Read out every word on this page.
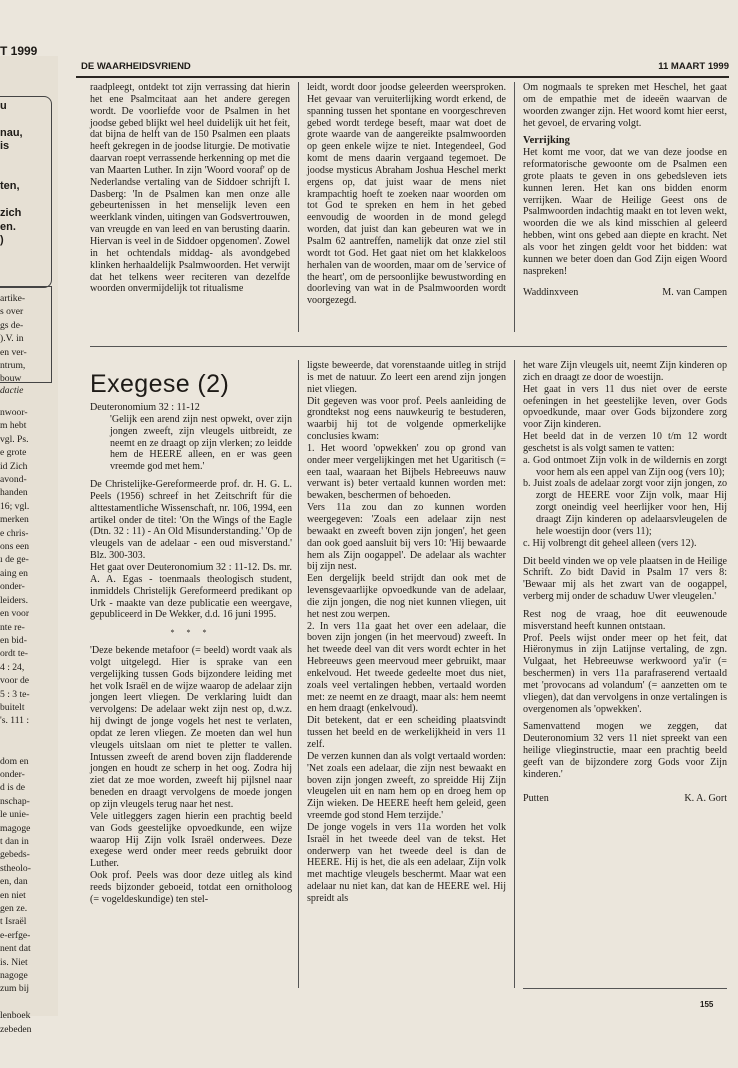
T 1999
u

nau,
is

ten,

zich
en.
)
artike-
s over
gs de-
).V. in
en ver-
ntrum,
bouw
dactie
nwoor-
m hebt
vgl. Ps.
e grote
id Zich
avond-
handen
16; vgl.
merken
e chris-
ons een
ı de ge-
aing en
onder-
leiders.
en voor
nte re-
en bid-
ordt te-
4 : 24,
voor de
5 : 3 te-
buitelt
's. 111 :

dom en
onder-
d is de
nschap-
le unie-
magoge
t dan in
gebeds-
stheolo-
en, dan
en niet
gen ze.
t Israël
e-erfge-
nent dat
is. Niet
nagoge
zum bij

lenboek
zebeden
DE WAARHEIDSVRIEND	11 MAART 1999

raadpleegt, ontdekt tot zijn verrassing dat hierin het ene Psalmcitaat aan het andere geregen wordt. De voorliefde voor de Psalmen in het joodse gebed blijkt wel heel duidelijk uit het feit, dat bijna de helft van de 150 Psalmen een plaats heeft gekregen in de joodse liturgie. De motivatie daarvan roept verrassende herkenning op met die van Maarten Luther. In zijn 'Woord vooraf' op de Nederlandse vertaling van de Siddoer schrijft I. Dasberg: 'In de Psalmen kan men onze alle gebeurtenissen in het menselijk leven een weerklank vinden, uitingen van Godsvertrouwen, van vreugde en van leed en van berusting daarin. Hiervan is veel in de Siddoer opgenomen'. Zowel in het ochtendals middag- als avondgebed klinken herhaaldelijk Psalmwoorden. Het verwijt dat het telkens weer reciteren van dezelfde woorden onvermijdelijk tot ritualisme

leidt, wordt door joodse geleerden weersproken. Het gevaar van veruiterlijking wordt erkend, de spanning tussen het spontane en voorgeschreven gebed wordt terdege beseft, maar wat doet de grote waarde van de aangereikte psalmwoorden op geen enkele wijze te niet. Integendeel, God komt de mens daarin vergaand tegemoet. De joodse mysticus Abraham Joshua Heschel merkt ergens op, dat juist waar de mens niet krampachtig hoeft te zoeken naar woorden om tot God te spreken en hem in het gebed eenvoudig de woorden in de mond gelegd worden, dat juist dan kan gebeuren wat we in Psalm 62 aantreffen, namelijk dat onze ziel stil wordt tot God. Het gaat niet om het klakkeloos herhalen van de woorden, maar om de 'service of the heart', om de persoonlijke bewustwording en doorleving van wat in de Psalmwoorden wordt voorgezegd.

Om nogmaals te spreken met Heschel, het gaat om de empathie met de ideeën waarvan de woorden zwanger zijn. Het woord komt hier eerst, het gevoel, de ervaring volgt.

Verrijking

Het komt me voor, dat we van deze joodse en reformatorische gewoonte om de Psalmen een grote plaats te geven in ons gebedsleven iets kunnen leren. Het kan ons bidden enorm verrijken. Waar de Heilige Geest ons de Psalmwoorden indachtig maakt en tot leven wekt, woorden die we als kind misschien al geleerd hebben, wint ons gebed aan diepte en kracht. Net als voor het zingen geldt voor het bidden: wat kunnen we beter doen dan God Zijn eigen Woord naspreken!

Waddinxveen	M. van Campen
Exegese (2)

Deuteronomium 32 : 11-12

'Gelijk een arend zijn nest opwekt, over zijn jongen zweeft, zijn vleugels uitbreidt, ze neemt en ze draagt op zijn vlerken; zo leidde hem de HEERE alleen, en er was geen vreemde god met hem.'

De Christelijke-Gereformeerde prof. dr. H. G. L. Peels (1956) schreef in het Zeitschrift für die alttestamentliche Wissenschaft, nr. 106, 1994, een artikel onder de titel: 'On the Wings of the Eagle (Dtn. 32 : 11) - An Old Misunderstanding.' 'Op de vleugels van de adelaar - een oud misverstand.' Blz. 300-303.

Het gaat over Deuteronomium 32 : 11-12. Ds. mr. A. A. Egas - toenmaals theologisch student, inmiddels Christelijk Gereformeerd predikant op Urk - maakte van deze publicatie een weergave, gepubliceerd in De Wekker, d.d. 16 juni 1995.

* * *

'Deze bekende metafoor (= beeld) wordt vaak als volgt uitgelegd. Hier is sprake van een vergelijking tussen Gods bijzondere leiding met het volk Israël en de wijze waarop de adelaar zijn jongen leert vliegen. De verklaring luidt dan vervolgens: De adelaar wekt zijn nest op, d.w.z. hij dwingt de jonge vogels het nest te verlaten, opdat ze leren vliegen. Ze moeten dan wel hun vleugels uitslaan om niet te pletter te vallen. Intussen zweeft de arend boven zijn fladderende jongen en houdt ze scherp in het oog. Zodra hij ziet dat ze moe worden, zweeft hij pijlsnel naar beneden en draagt vervolgens de moede jongen op zijn vleugels terug naar het nest.

Vele uitleggers zagen hierin een prachtig beeld van Gods geestelijke opvoedkunde, een wijze waarop Hij Zijn volk Israël onderwees. Deze exegese werd onder meer reeds gebruikt door Luther.

Ook prof. Peels was door deze uitleg als kind reeds bijzonder geboeid, totdat een ornitholoog (= vogeldeskundige) ten stel-

ligste beweerde, dat vorenstaande uitleg in strijd is met de natuur. Zo leert een arend zijn jongen niet vliegen.

Dit gegeven was voor prof. Peels aanleiding de grondtekst nog eens nauwkeurig te bestuderen, waarbij hij tot de volgende opmerkelijke conclusies kwam:

1. Het woord 'opwekken' zou op grond van onder meer vergelijkingen met het Ugaritisch (= een taal, waaraan het Bijbels Hebreeuws nauw verwant is) beter vertaald kunnen worden met: bewaken, beschermen of behoeden.

Vers 11a zou dan zo kunnen worden weergegeven: 'Zoals een adelaar zijn nest bewaakt en zweeft boven zijn jongen', het geen dan ook goed aansluit bij vers 10: 'Hij bewaarde hem als Zijn oogappel'. De adelaar als wachter bij zijn nest.

Een dergelijk beeld strijdt dan ook met de levensgevaarlijke opvoedkunde van de adelaar, die zijn jongen, die nog niet kunnen vliegen, uit het nest zou werpen.

2. In vers 11a gaat het over een adelaar, die boven zijn jongen (in het meervoud) zweeft. In het tweede deel van dit vers wordt echter in het Hebreeuws geen meervoud meer gebruikt, maar enkelvoud. Het tweede gedeelte moet dus niet, zoals veel vertalingen hebben, vertaald worden met: ze neemt en ze draagt, maar als: hem neemt en hem draagt (enkelvoud).

Dit betekent, dat er een scheiding plaatsvindt tussen het beeld en de werkelijkheid in vers 11 zelf.

De verzen kunnen dan als volgt vertaald worden: 'Net zoals een adelaar, die zijn nest bewaakt en boven zijn jongen zweeft, zo spreidde Hij Zijn vleugelen uit en nam hem op en droeg hem op Zijn wieken. De HEERE heeft hem geleid, geen vreemde god stond Hem terzijde.'

De jonge vogels in vers 11a worden het volk Israël in het tweede deel van de tekst. Het onderwerp van het tweede deel is dan de HEERE. Hij is het, die als een adelaar, Zijn volk met machtige vleugels beschermt. Maar wat een adelaar nu niet kan, dat kan de HEERE wel. Hij spreidt als

het ware Zijn vleugels uit, neemt Zijn kinderen op zich en draagt ze door de woestijn.

Het gaat in vers 11 dus niet over de eerste oefeningen in het geestelijke leven, over Gods opvoedkunde, maar over Gods bijzondere zorg voor Zijn kinderen.

Het beeld dat in de verzen 10 t/m 12 wordt geschetst is als volgt samen te vatten:

a. God ontmoet Zijn volk in de wildernis en zorgt voor hem als een appel van Zijn oog (vers 10);

b. Juist zoals de adelaar zorgt voor zijn jongen, zo zorgt de HEERE voor Zijn volk, maar Hij zorgt oneindig veel heerlijker voor hen, Hij draagt Zijn kinderen op adelaarsvleugelen de hele woestijn door (vers 11);

c. Hij volbrengt dit geheel alleen (vers 12).

Dit beeld vinden we op vele plaatsen in de Heilige Schrift. Zo bidt David in Psalm 17 vers 8: 'Bewaar mij als het zwart van de oogappel, verberg mij onder de schaduw Uwer vleugelen.'

Rest nog de vraag, hoe dit eeuwenoude misverstand heeft kunnen ontstaan.

Prof. Peels wijst onder meer op het feit, dat Hiëronymus in zijn Latijnse vertaling, de zgn. Vulgaat, het Hebreeuwse werkwoord ya'ir (= beschermen) in vers 11a parafraserend vertaald met 'provocans ad volandum' (= aanzetten om te vliegen), dat dan vervolgens in onze vertalingen is overgenomen als 'opwekken'.

Samenvattend mogen we zeggen, dat Deuteronomium 32 vers 11 niet spreekt van een heilige vlieginstructie, maar een prachtig beeld geeft van de bijzondere zorg Gods voor Zijn kinderen.'

Putten	K. A. Gort
155
